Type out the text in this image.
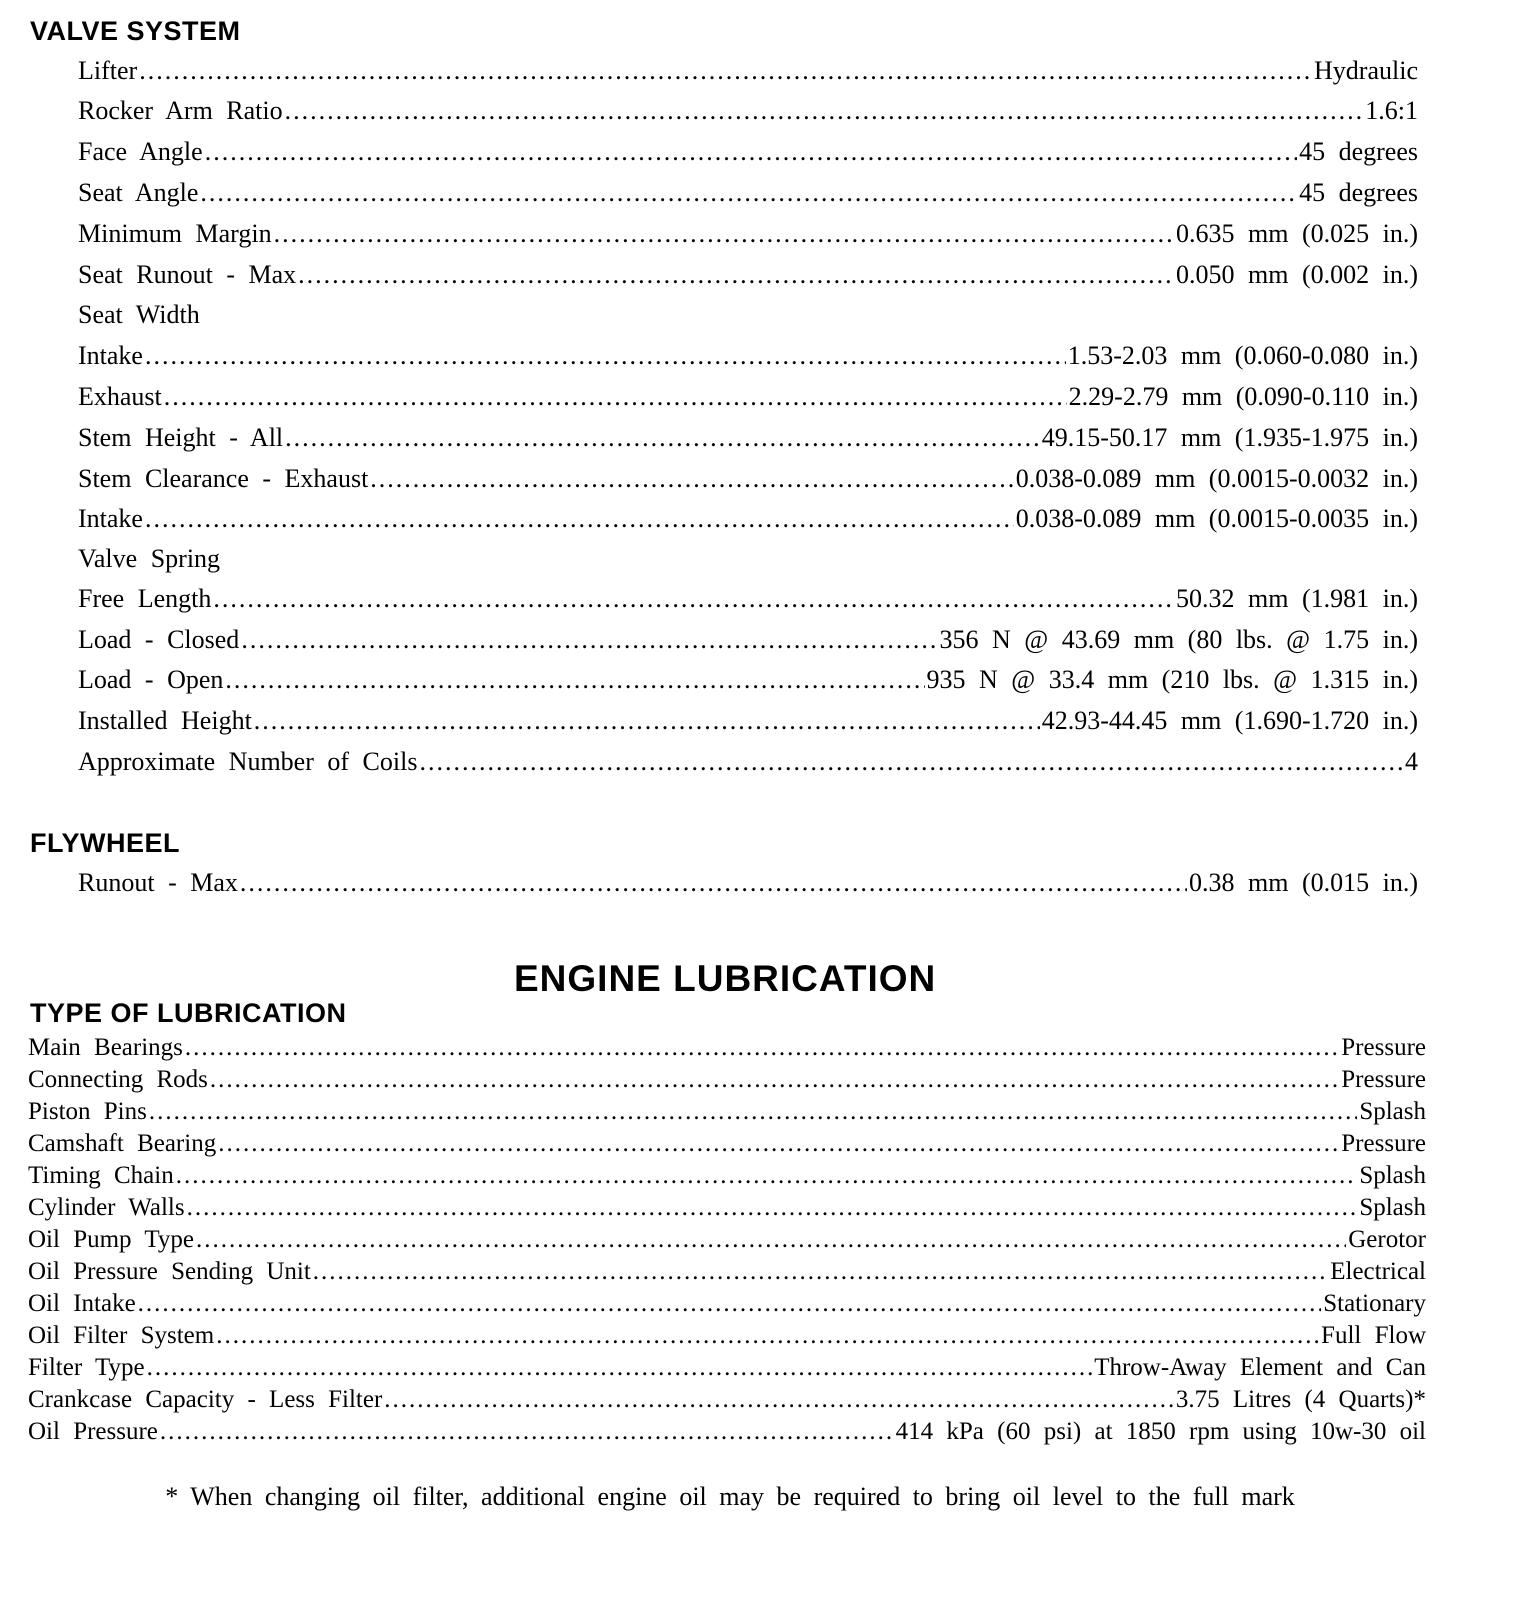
VALVE SYSTEM
Lifter .....	Hydraulic
Rocker Arm Ratio .....	1.6:1
Face Angle .....	45 degrees
Seat Angle .....	45 degrees
Minimum Margin .....	0.635 mm (0.025 in.)
Seat Runout - Max .....	0.050 mm (0.002 in.)
Seat Width
Intake .....	1.53-2.03 mm (0.060-0.080 in.)
Exhaust .....	2.29-2.79 mm (0.090-0.110 in.)
Stem Height - All .....	49.15-50.17 mm (1.935-1.975 in.)
Stem Clearance - Exhaust .....	0.038-0.089 mm (0.0015-0.0032 in.)
Intake .....	0.038-0.089 mm (0.0015-0.0035 in.)
Valve Spring
Free Length .....	50.32 mm (1.981 in.)
Load - Closed .....	356 N @ 43.69 mm (80 lbs. @ 1.75 in.)
Load - Open .....	935 N @ 33.4 mm (210 lbs. @ 1.315 in.)
Installed Height .....	42.93-44.45 mm (1.690-1.720 in.)
Approximate Number of Coils .....	4
FLYWHEEL
Runout - Max .....	0.38 mm (0.015 in.)
ENGINE LUBRICATION
TYPE OF LUBRICATION
Main Bearings .....	Pressure
Connecting Rods .....	Pressure
Piston Pins .....	Splash
Camshaft Bearing .....	Pressure
Timing Chain .....	Splash
Cylinder Walls .....	Splash
Oil Pump Type .....	Gerotor
Oil Pressure Sending Unit .....	Electrical
Oil Intake .....	Stationary
Oil Filter System .....	Full Flow
Filter Type .....	Throw-Away Element and Can
Crankcase Capacity - Less Filter .....	3.75 Litres (4 Quarts)*
Oil Pressure .....	414 kPa (60 psi) at 1850 rpm using 10w-30 oil
* When changing oil filter, additional engine oil may be required to bring oil level to the full mark
